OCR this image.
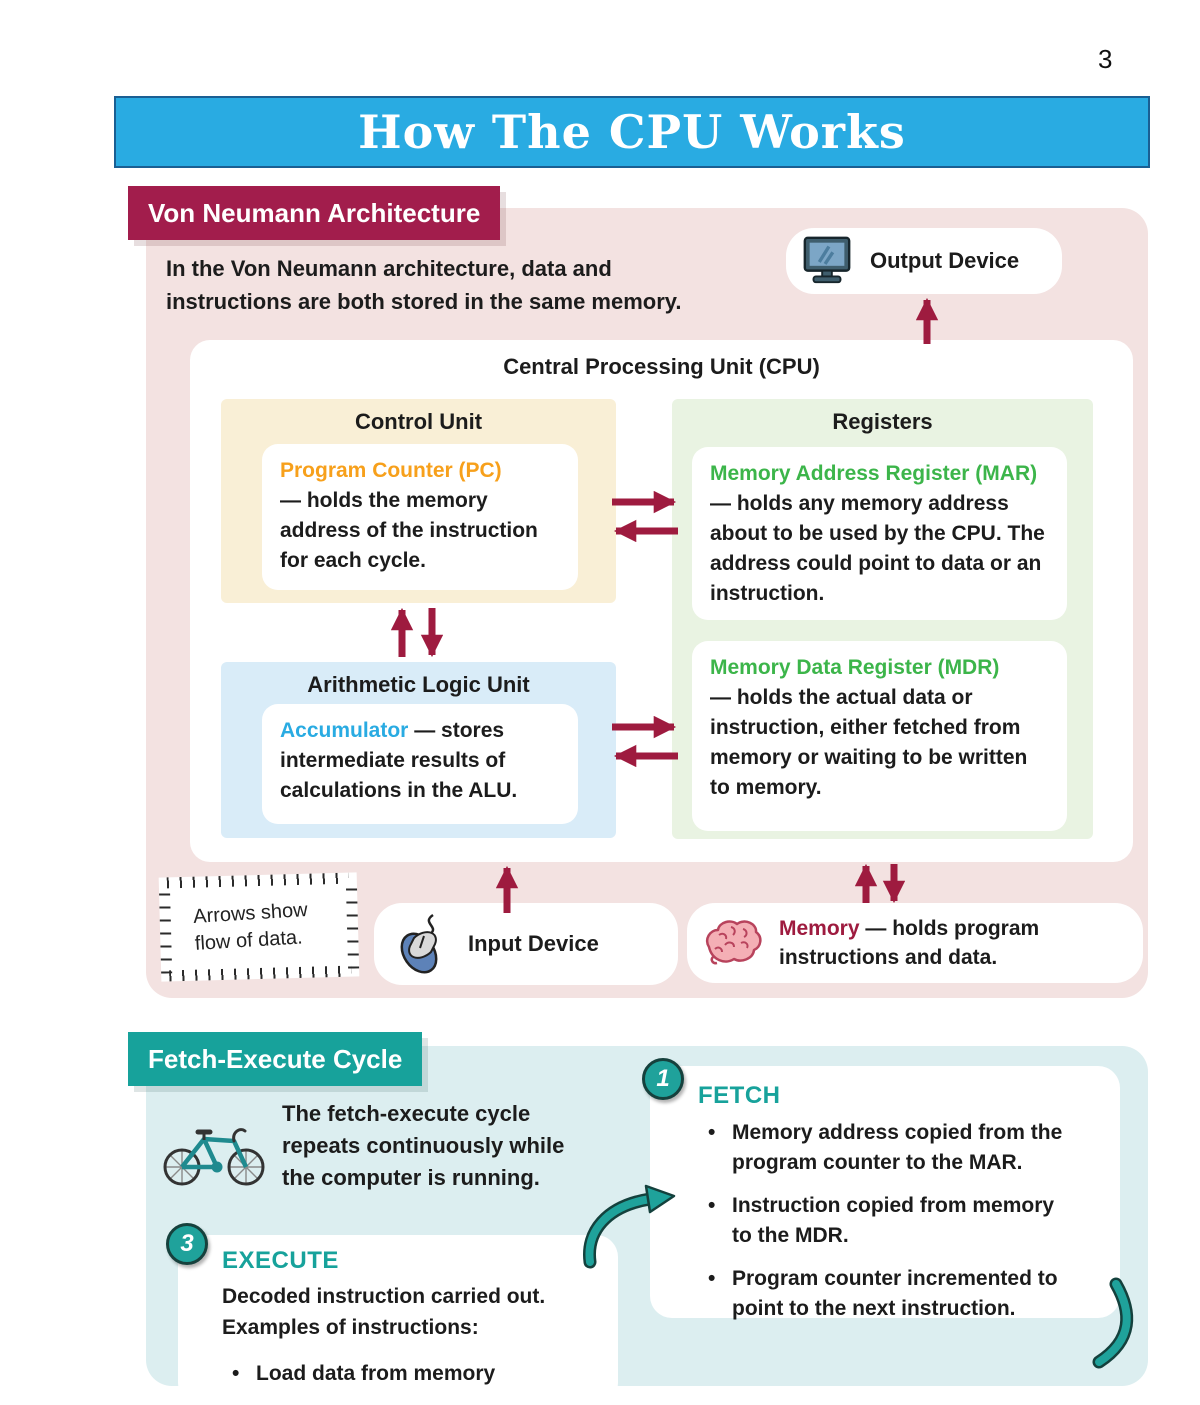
3
How The CPU Works
Von Neumann Architecture
In the Von Neumann architecture, data and instructions are both stored in the same memory.
Output Device
Central Processing Unit (CPU)
Control Unit
Program Counter (PC)
— holds the memory address of the instruction for each cycle.
Registers
Memory Address Register (MAR)
— holds any memory address about to be used by the CPU. The address could point to data or an instruction.
Memory Data Register (MDR)
— holds the actual data or instruction, either fetched from memory or waiting to be written to memory.
Arithmetic Logic Unit
Accumulator — stores intermediate results of calculations in the ALU.
Arrows show flow of data.	Input Device
Memory — holds program instructions and data.
Fetch-Execute Cycle
The fetch-execute cycle repeats continuously while the computer is running.
FETCH
• Memory address copied from the program counter to the MAR.
• Instruction copied from memory to the MDR.
• Program counter incremented to point to the next instruction.
1
EXECUTE

Decoded instruction carried out.

Examples of instructions:

• Load data from memory
3
